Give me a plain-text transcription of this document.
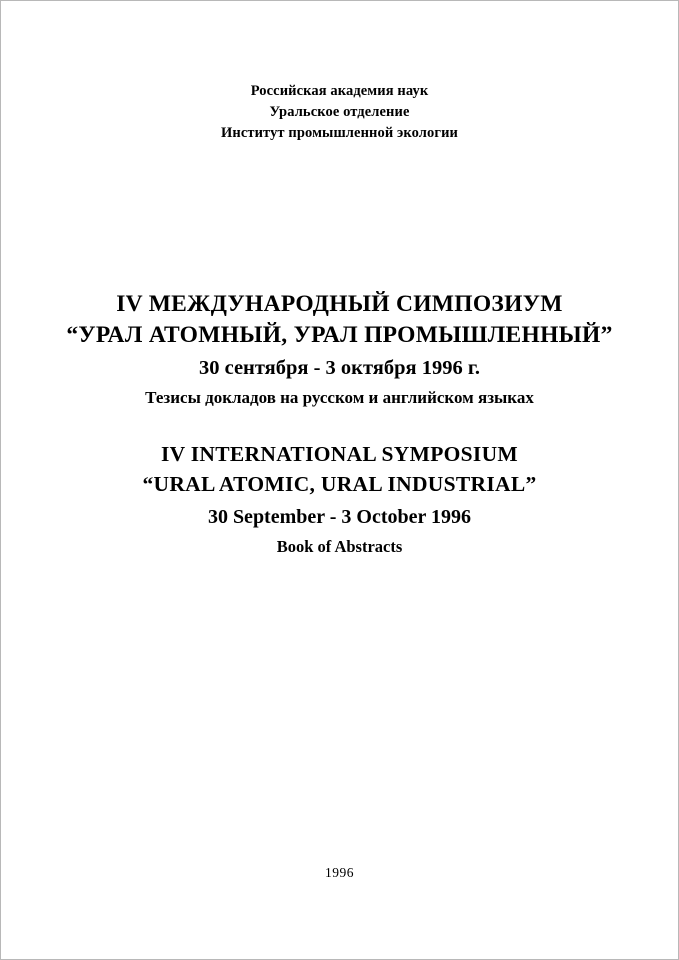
Российская академия наук
Уральское отделение
Институт промышленной экологии
IV МЕЖДУНАРОДНЫЙ СИМПОЗИУМ
“УРАЛ АТОМНЫЙ, УРАЛ ПРОМЫШЛЕННЫЙ”
30 сентября - 3 октября 1996 г.
Тезисы докладов на русском и английском языках
IV INTERNATIONAL SYMPOSIUM
“URAL ATOMIC, URAL INDUSTRIAL”
30 September - 3 October 1996
Book of Abstracts
1996
